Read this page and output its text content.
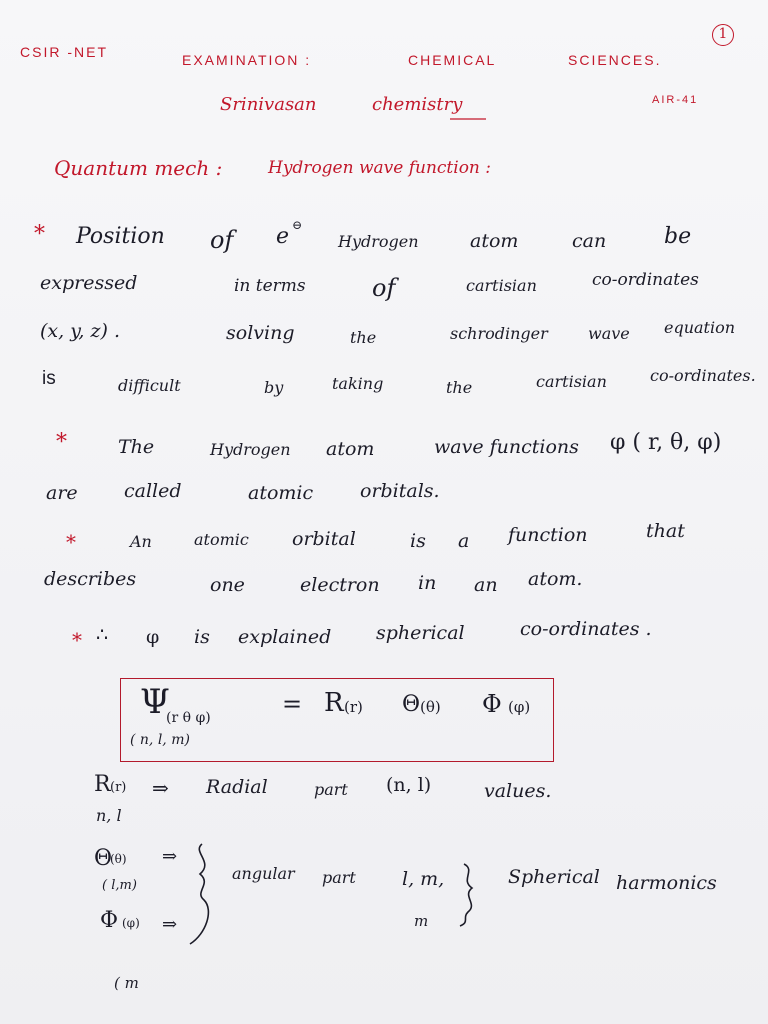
CSIR -NET	EXAMINATION :	CHEMICAL	SCIENCES.
1
Srinivasan	chemistry	AIR-41
Quantum mech :	Hydrogen wave function :
* Position of e ⊖
Hydrogen	atom	can	be
expressed	in terms	of	cartisian	co-ordinates
(x, y, z) .	solving	the	schrodinger	wave equation
is	difficult	by	taking	the	cartisian	co-ordinates.
*	The	Hydrogen atom	wave functions φ ( r, θ, φ)
are called	atomic orbitals.
*	An	atomic orbital	is a function	that
describes	one	electron in an atom.
* ∴ φ is explained spherical	co-ordinates .
Ψ
(r θ φ)
( n, l, m)
= R (r) Θ (θ) Φ (φ)
R (r) ⇒
n, l
Radial	part (n, l)	values.
Θ
(θ) ⇒
( l,m)
Φ (φ) ⇒
( m
angular part l, m,
m
Spherical harmonics
